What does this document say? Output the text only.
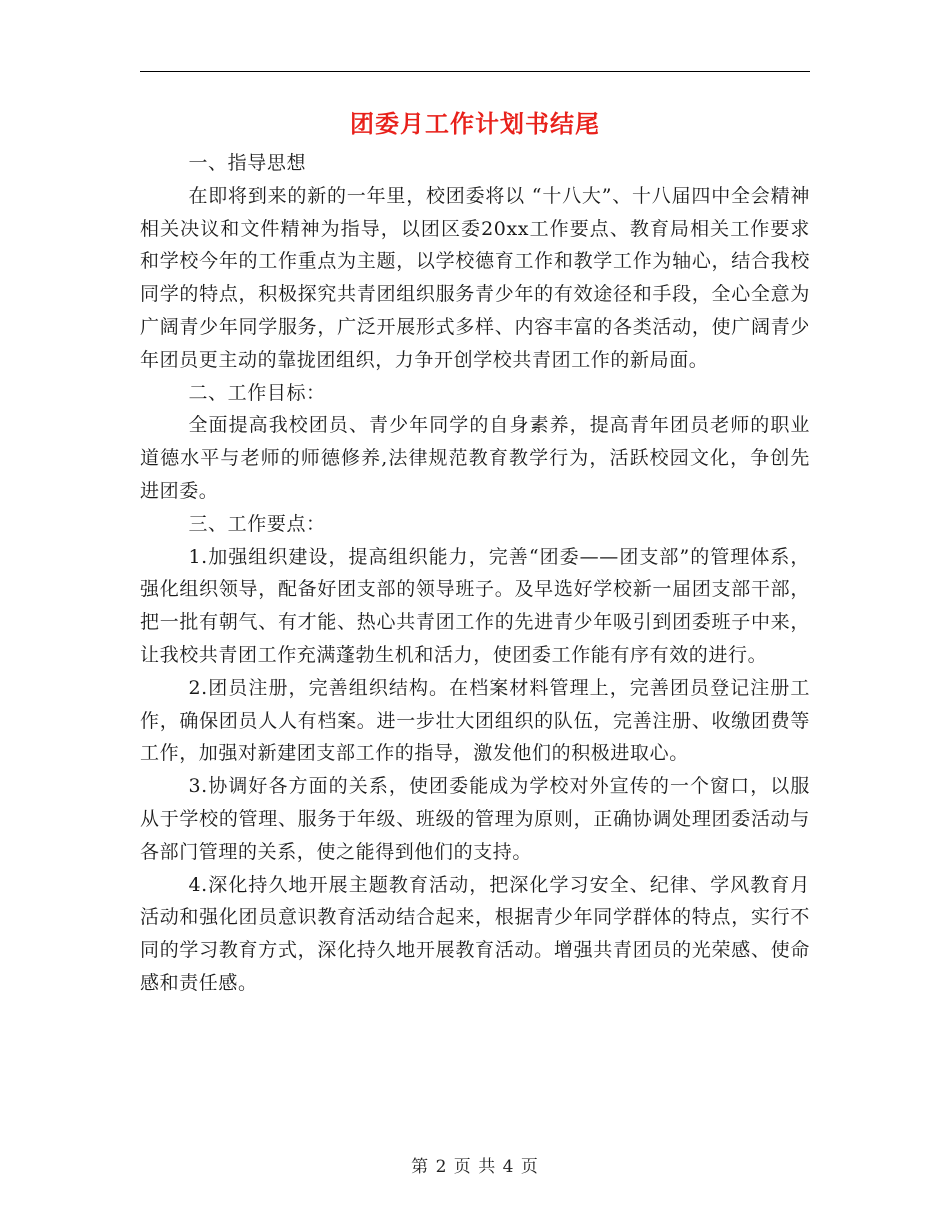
团委月工作计划书结尾

一、指导思想

在即将到来的新的一年里，校团委将以 “十八大”、十八届四中全会精神相关决议和文件精神为指导，以团区委20xx工作要点、教育局相关工作要求和学校今年的工作重点为主题，以学校德育工作和教学工作为轴心，结合我校同学的特点，积极探究共青团组织服务青少年的有效途径和手段，全心全意为广阔青少年同学服务，广泛开展形式多样、内容丰富的各类活动，使广阔青少年团员更主动的靠拢团组织，力争开创学校共青团工作的新局面。

二、工作目标：

全面提高我校团员、青少年同学的自身素养，提高青年团员老师的职业道德水平与老师的师德修养,法律规范教育教学行为，活跃校园文化，争创先进团委。

三、工作要点：

1.加强组织建设，提高组织能力，完善“团委——团支部”的管理体系，强化组织领导，配备好团支部的领导班子。及早选好学校新一届团支部干部，把一批有朝气、有才能、热心共青团工作的先进青少年吸引到团委班子中来，让我校共青团工作充满蓬勃生机和活力，使团委工作能有序有效的进行。

2.团员注册，完善组织结构。在档案材料管理上，完善团员登记注册工作，确保团员人人有档案。进一步壮大团组织的队伍，完善注册、收缴团费等工作，加强对新建团支部工作的指导，激发他们的积极进取心。

3.协调好各方面的关系，使团委能成为学校对外宣传的一个窗口，以服从于学校的管理、服务于年级、班级的管理为原则，正确协调处理团委活动与各部门管理的关系，使之能得到他们的支持。

4.深化持久地开展主题教育活动，把深化学习安全、纪律、学风教育月活动和强化团员意识教育活动结合起来，根据青少年同学群体的特点，实行不同的学习教育方式，深化持久地开展教育活动。增强共青团员的光荣感、使命感和责任感。

第 2 页 共 4 页
